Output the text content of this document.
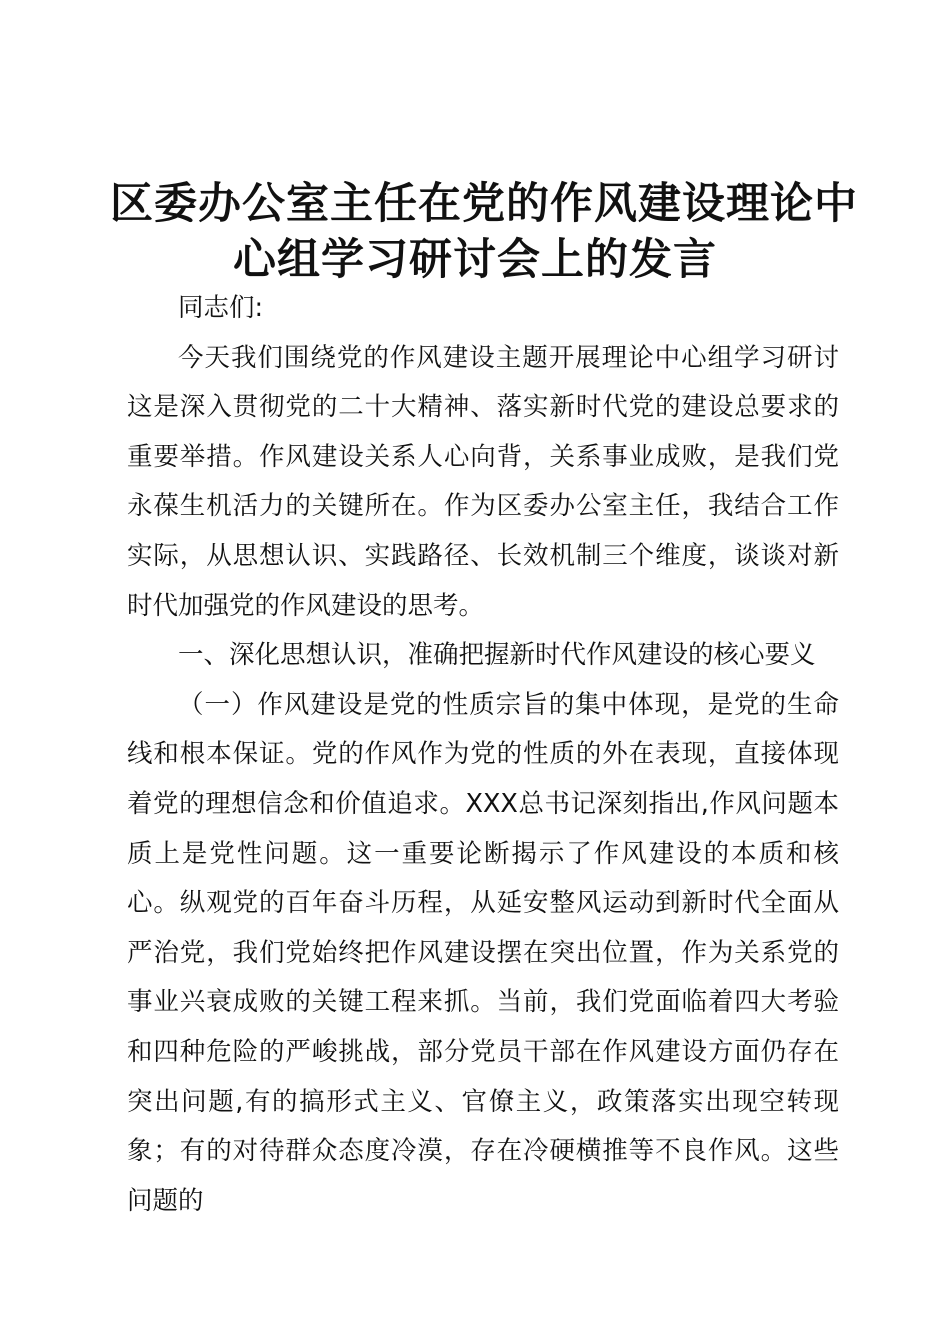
区委办公室主任在党的作风建设理论中
心组学习研讨会上的发言

同志们:

今天我们围绕党的作风建设主题开展理论中心组学习研讨这是深入贯彻党的二十大精神、落实新时代党的建设总要求的重要举措。作风建设关系人心向背，关系事业成败，是我们党永葆生机活力的关键所在。作为区委办公室主任，我结合工作实际，从思想认识、实践路径、长效机制三个维度，谈谈对新时代加强党的作风建设的思考。

一、深化思想认识，准确把握新时代作风建设的核心要义

（一）作风建设是党的性质宗旨的集中体现，是党的生命线和根本保证。党的作风作为党的性质的外在表现，直接体现着党的理想信念和价值追求。XXX总书记深刻指出,作风问题本质上是党性问题。这一重要论断揭示了作风建设的本质和核心。纵观党的百年奋斗历程，从延安整风运动到新时代全面从严治党，我们党始终把作风建设摆在突出位置，作为关系党的事业兴衰成败的关键工程来抓。当前，我们党面临着四大考验和四种危险的严峻挑战，部分党员干部在作风建设方面仍存在突出问题,有的搞形式主义、官僚主义，政策落实出现空转现象；有的对待群众态度冷漠，存在冷硬横推等不良作风。这些问题的
